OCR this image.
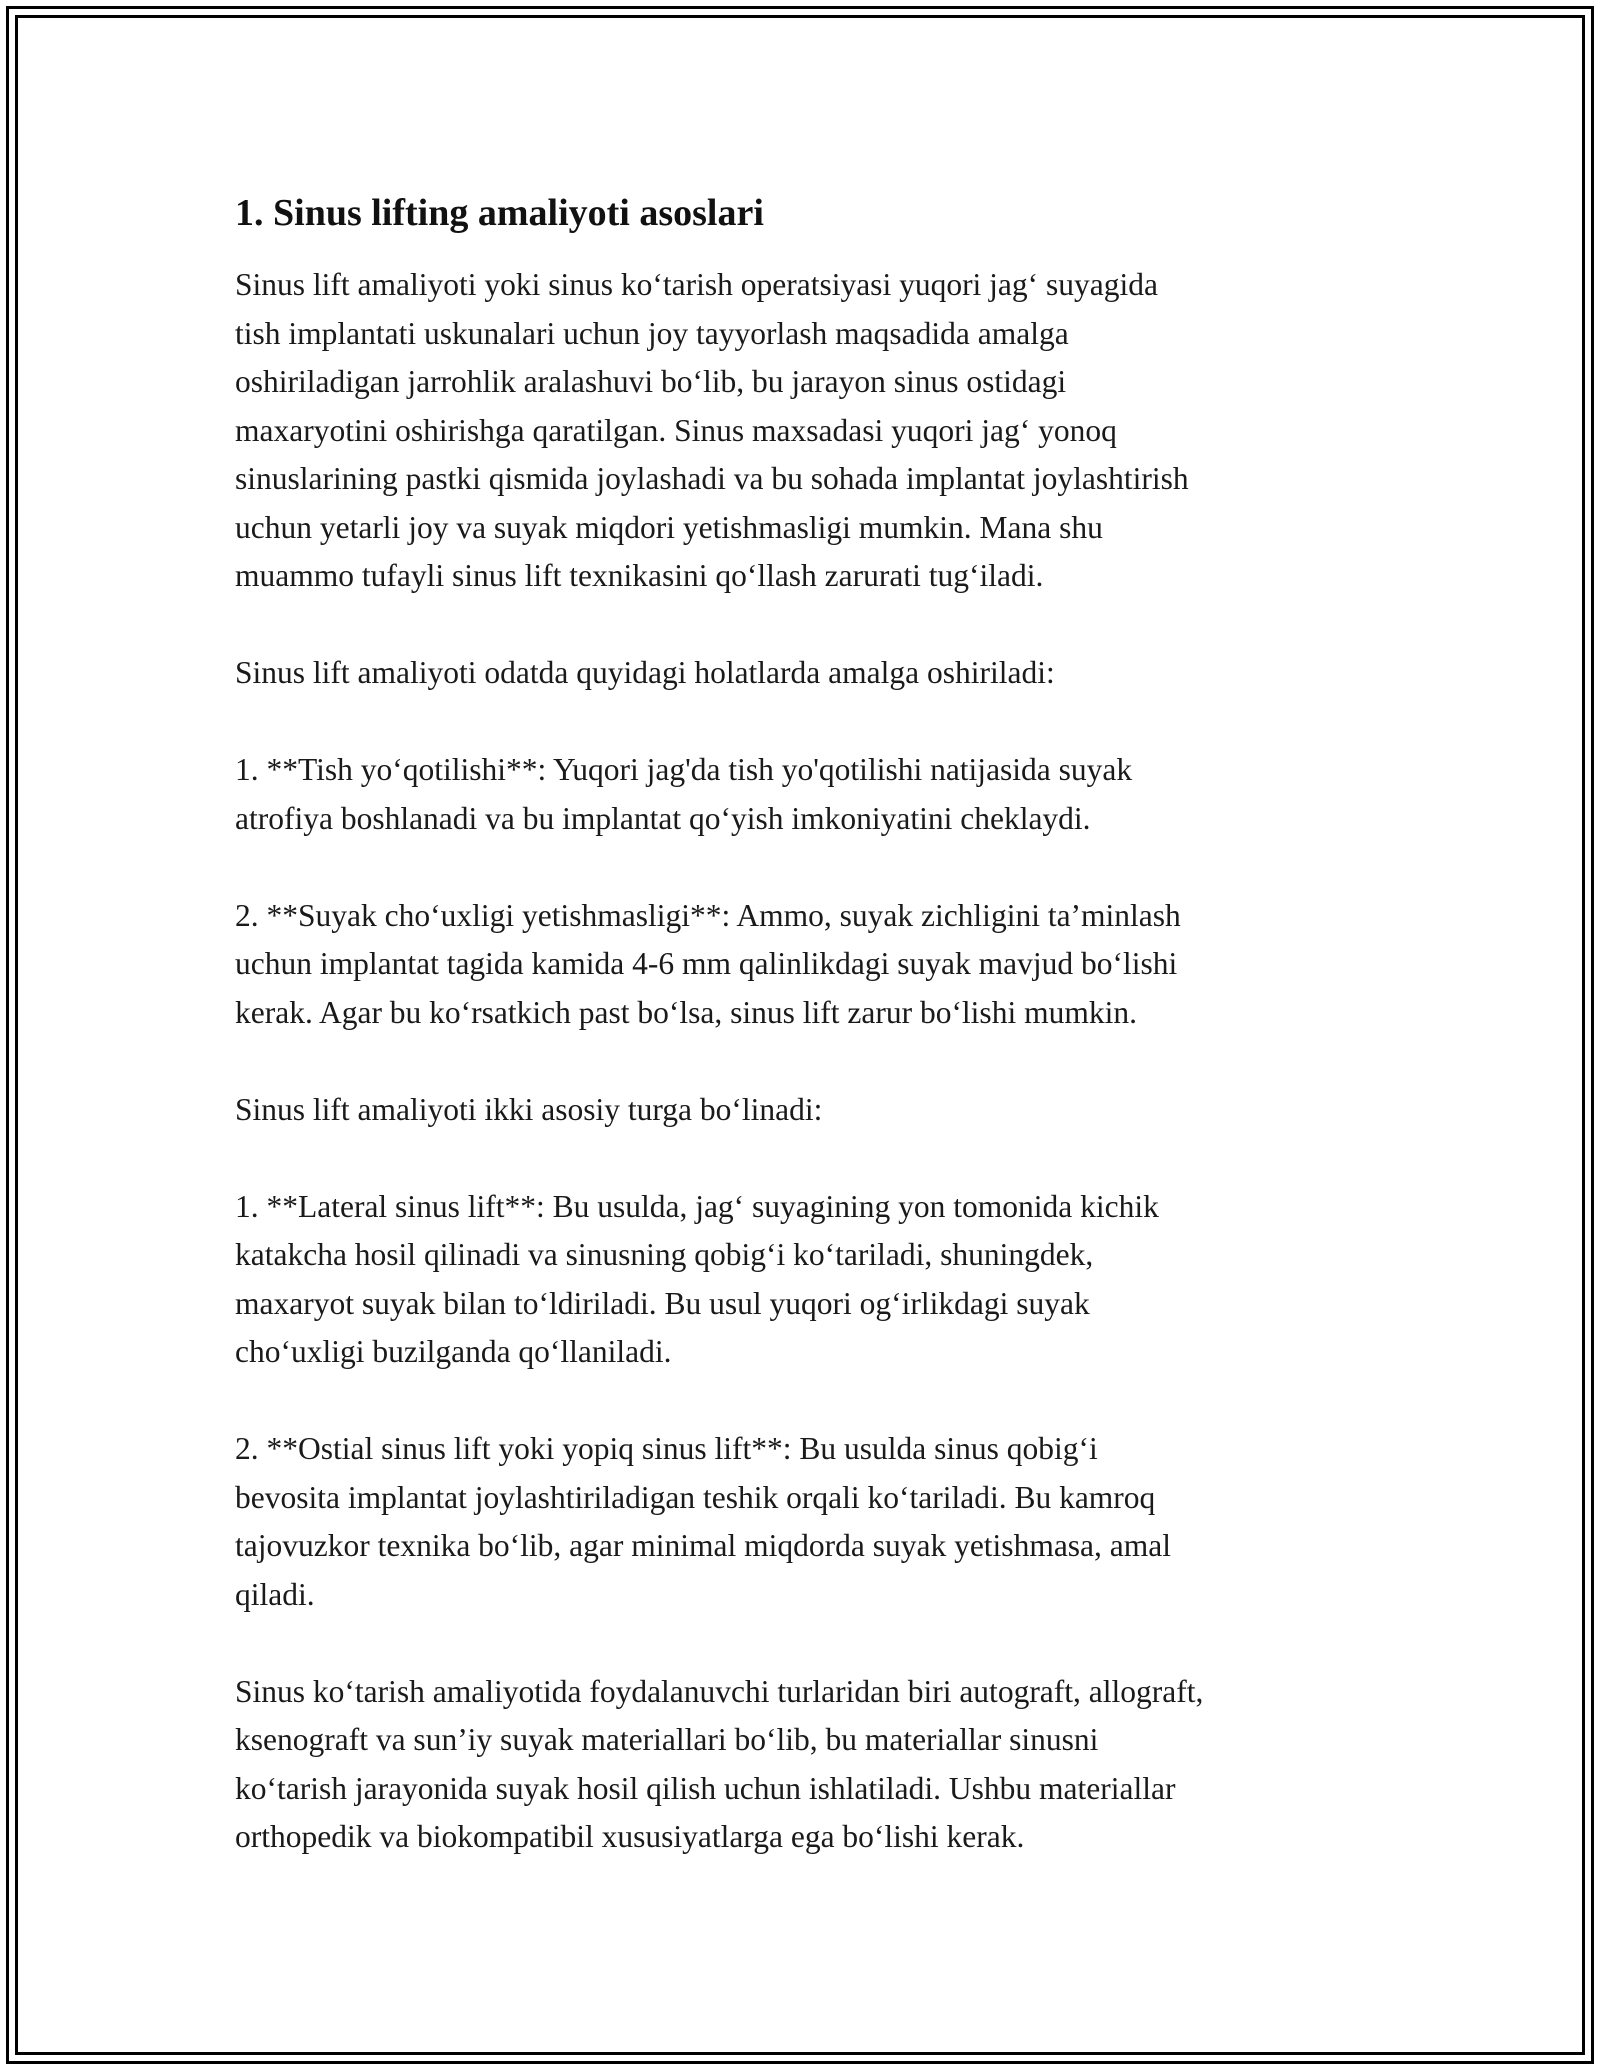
1. Sinus lifting amaliyoti asoslari

Sinus lift amaliyoti yoki sinus ko‘tarish operatsiyasi yuqori jag‘ suyagida
tish implantati uskunalari uchun joy tayyorlash maqsadida amalga
oshiriladigan jarrohlik aralashuvi bo‘lib, bu jarayon sinus ostidagi
maxaryotini oshirishga qaratilgan. Sinus maxsadasi yuqori jag‘ yonoq
sinuslarining pastki qismida joylashadi va bu sohada implantat joylashtirish
uchun yetarli joy va suyak miqdori yetishmasligi mumkin. Mana shu
muammo tufayli sinus lift texnikasini qo‘llash zarurati tug‘iladi.

Sinus lift amaliyoti odatda quyidagi holatlarda amalga oshiriladi:

1. **Tish yo‘qotilishi**: Yuqori jag'da tish yo'qotilishi natijasida suyak
atrofiya boshlanadi va bu implantat qo‘yish imkoniyatini cheklaydi.

2. **Suyak cho‘uxligi yetishmasligi**: Ammo, suyak zichligini ta’minlash
uchun implantat tagida kamida 4-6 mm qalinlikdagi suyak mavjud bo‘lishi
kerak. Agar bu ko‘rsatkich past bo‘lsa, sinus lift zarur bo‘lishi mumkin.

Sinus lift amaliyoti ikki asosiy turga bo‘linadi:

1. **Lateral sinus lift**: Bu usulda, jag‘ suyagining yon tomonida kichik
katakcha hosil qilinadi va sinusning qobig‘i ko‘tariladi, shuningdek,
maxaryot suyak bilan to‘ldiriladi. Bu usul yuqori og‘irlikdagi suyak
cho‘uxligi buzilganda qo‘llaniladi.

2. **Ostial sinus lift yoki yopiq sinus lift**: Bu usulda sinus qobig‘i
bevosita implantat joylashtiriladigan teshik orqali ko‘tariladi. Bu kamroq
tajovuzkor texnika bo‘lib, agar minimal miqdorda suyak yetishmasa, amal
qiladi.

Sinus ko‘tarish amaliyotida foydalanuvchi turlaridan biri autograft, allograft,
ksenograft va sun’iy suyak materiallari bo‘lib, bu materiallar sinusni
ko‘tarish jarayonida suyak hosil qilish uchun ishlatiladi. Ushbu materiallar
orthopedik va biokompatibil xususiyatlarga ega bo‘lishi kerak.
